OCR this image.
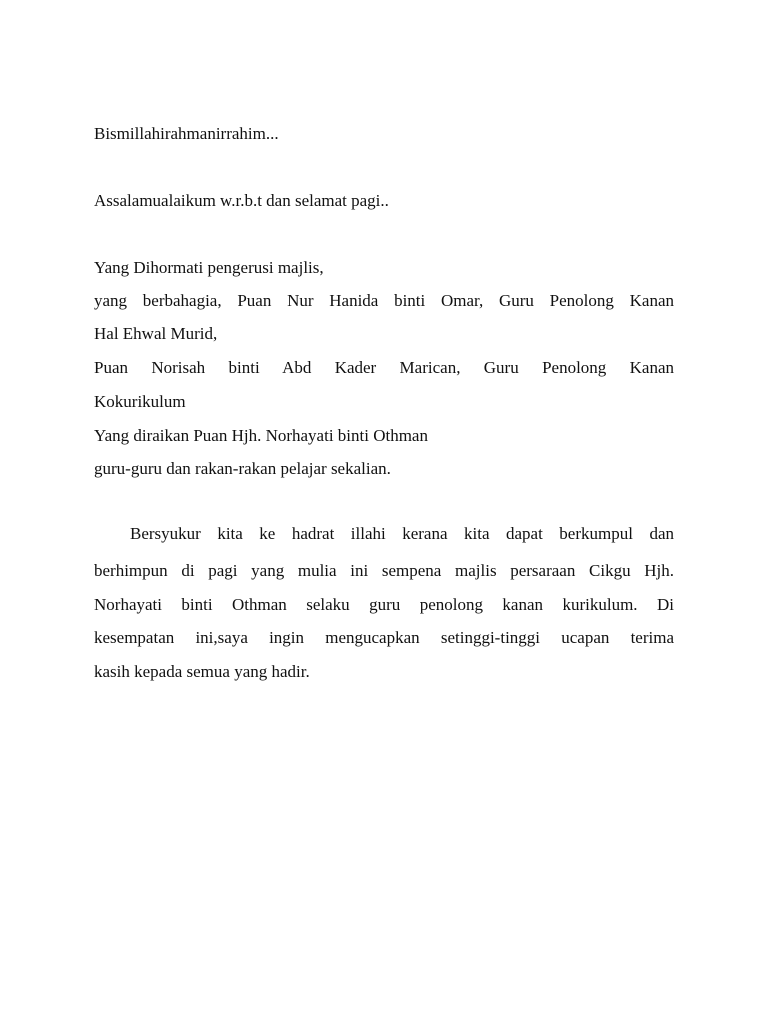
Bismillahirahmanirrahim...
Assalamualaikum w.r.b.t dan selamat pagi..
Yang Dihormati pengerusi majlis,
yang berbahagia, Puan Nur Hanida binti Omar, Guru Penolong Kanan
Hal Ehwal Murid,
Puan Norisah binti Abd Kader Marican, Guru Penolong Kanan
Kokurikulum
Yang diraikan Puan Hjh. Norhayati binti Othman
guru-guru dan rakan-rakan pelajar sekalian.
Bersyukur kita ke hadrat illahi kerana kita dapat berkumpul dan
berhimpun di pagi yang mulia ini sempena majlis persaraan Cikgu Hjh.
Norhayati binti Othman selaku guru penolong kanan kurikulum. Di
kesempatan ini,saya ingin mengucapkan setinggi-tinggi ucapan terima
kasih kepada semua yang hadir.
